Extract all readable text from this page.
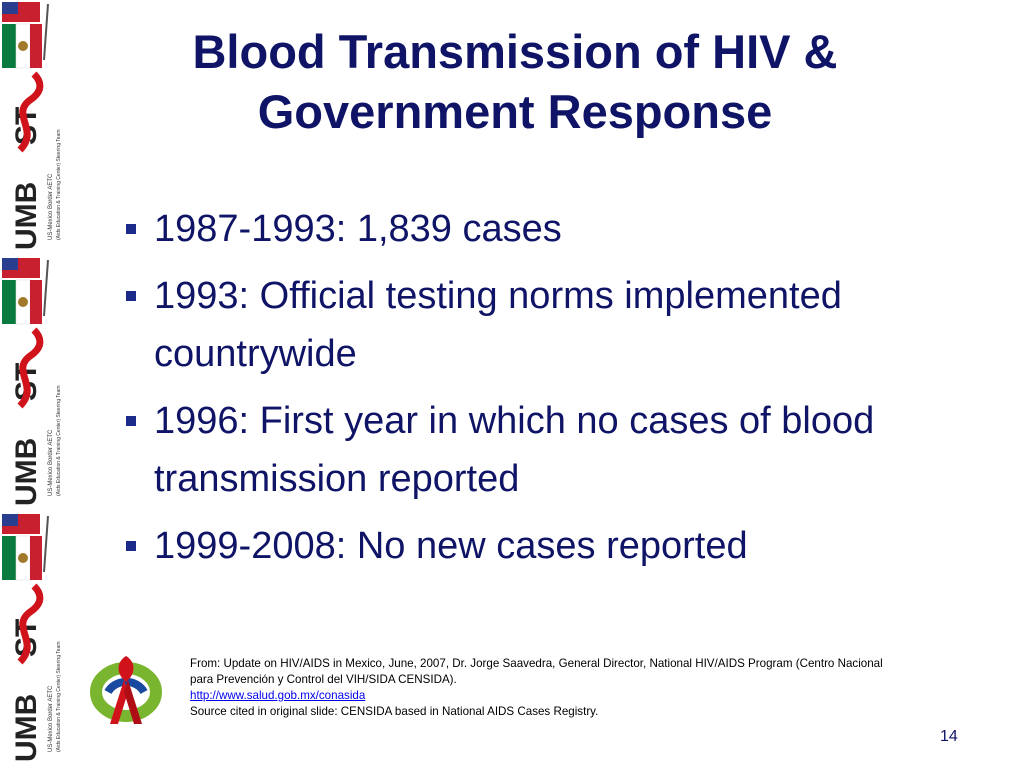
UMB
ST
US-Mexico Border AETC (Aids Education & Training Center) Steering Team
UMB
ST
US-Mexico Border AETC (Aids Education & Training Center) Steering Team
UMB
ST
US-Mexico Border AETC (Aids Education & Training Center) Steering Team
Blood Transmission of HIV &
Government Response
1987-1993: 1,839 cases
1993: Official testing norms implemented countrywide
1996: First year in which no cases of blood transmission reported
1999-2008: No new cases reported
From: Update on HIV/AIDS in Mexico, June, 2007, Dr. Jorge Saavedra, General Director, National HIV/AIDS Program (Centro Nacional para Prevención y Control del VIH/SIDA CENSIDA).
http://www.salud.gob.mx/conasida
Source cited in original slide: CENSIDA based in National AIDS Cases Registry.
14
